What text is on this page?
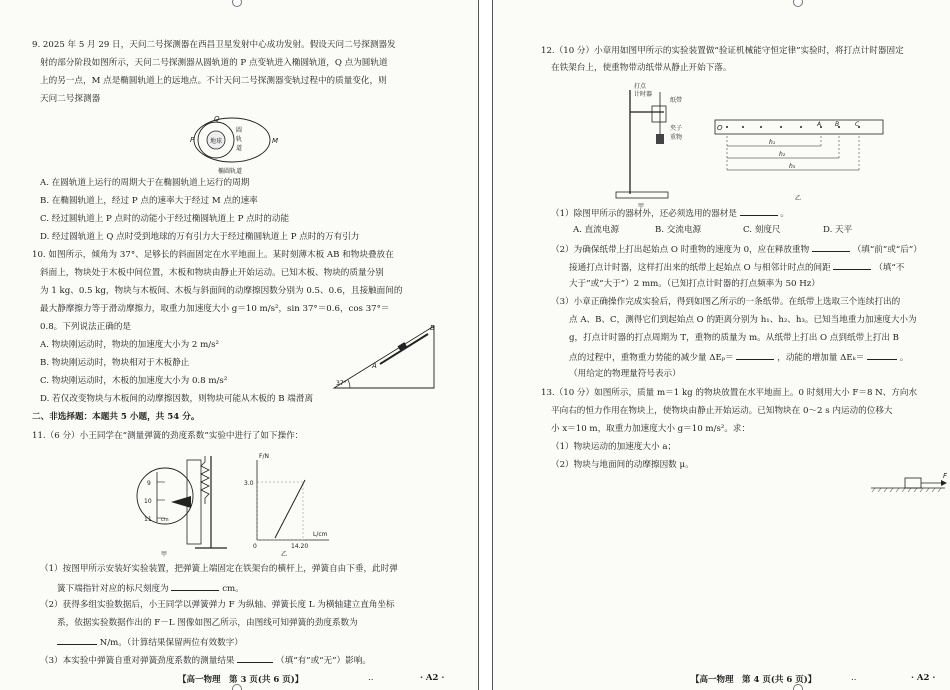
9. 2025 年 5 月 29 日，天问二号探测器在西昌卫星发射中心成功发射。假设天问二号探测器发
射的部分阶段如图所示，天问二号探测器从圆轨道的 P 点变轨进入椭圆轨道，Q 点为圆轨道
上的另一点，M 点是椭圆轨道上的远地点。不计天问二号探测器变轨过程中的质量变化，则
天问二号探测器
地球
圆
轨
道
P
Q
M
椭圆轨道
A. 在圆轨道上运行的周期大于在椭圆轨道上运行的周期
B. 在椭圆轨道上，经过 P 点的速率大于经过 M 点的速率
C. 经过圆轨道上 P 点时的动能小于经过椭圆轨道上 P 点时的动能
D. 经过圆轨道上 Q 点时受到地球的万有引力大于经过椭圆轨道上 P 点时的万有引力
10. 如图所示，倾角为 37°、足够长的斜面固定在水平地面上。某时刻薄木板 AB 和物块叠放在
斜面上，物块处于木板中间位置，木板和物块由静止开始运动。已知木板、物块的质量分别
为 1 kg、0.5 kg，物块与木板间、木板与斜面间的动摩擦因数分别为 0.5、0.6，且接触面间的
最大静摩擦力等于滑动摩擦力，取重力加速度大小 g＝10 m/s²，sin 37°＝0.6，cos 37°＝
0.8。下列说法正确的是
A. 物块刚运动时，物块的加速度大小为 2 m/s²
B. 物块刚运动时，物块相对于木板静止
C. 物块刚运动时，木板的加速度大小为 0.8 m/s²
D. 若仅改变物块与木板间的动摩擦因数，则物块可能从木板的 B 端滑离
37°
A
B
二、非选择题：本题共 5 小题，共 54 分。
11.（6 分）小王同学在“测量弹簧的劲度系数”实验中进行了如下操作：
9
10
11 cm
甲
F/N
L/cm
3.0
14.20
0
乙
（1）按图甲所示安装好实验装置，把弹簧上端固定在铁架台的横杆上，弹簧自由下垂，此时弹
簧下端指针对应的标尺刻度为	cm。
（2）获得多组实验数据后，小王同学以弹簧弹力 F 为纵轴、弹簧长度 L 为横轴建立直角坐标
系，依据实验数据作出的 F－L 图像如图乙所示，由图线可知弹簧的劲度系数为
N/m。（计算结果保留两位有效数字）
（3）本实验中弹簧自重对弹簧劲度系数的测量结果	（填“有”或“无”）影响。
【高一物理　第 3 页(共 6 页)】	· A2 ·
12.（10 分）小章用如图甲所示的实验装置做“验证机械能守恒定律”实验时，将打点计时器固定
在铁架台上，使重物带动纸带从静止开始下落。
打点
计时器
纸带
夹子
重物
甲
O	A B	C
h₁
h₂
h₃
乙
（1）除图甲所示的器材外，还必须选用的器材是	。
A. 直流电源	B. 交流电源	C. 刻度尺	D. 天平
（2）为确保纸带上打出起始点 O 时重物的速度为 0，应在释放重物	（填“前”或“后”）
接通打点计时器，这样打出来的纸带上起始点 O 与相邻计时点的间距	（填“不
大于”或“大于”）2 mm。（已知打点计时器的打点频率为 50 Hz）
（3）小章正确操作完成实验后，得到如图乙所示的一条纸带。在纸带上选取三个连续打出的
点 A、B、C，测得它们到起始点 O 的距离分别为 h₁、h₂、h₃。已知当地重力加速度大小为
g，打点计时器的打点周期为 T，重物的质量为 m。从纸带上打出 O 点到纸带上打出 B
点的过程中，重物重力势能的减少量 ΔEₚ＝	，动能的增加量 ΔEₖ＝	。
（用给定的物理量符号表示）
13.（10 分）如图所示，质量 m＝1 kg 的物块放置在水平地面上。0 时刻用大小 F＝8 N、方向水
平向右的恒力作用在物块上，使物块由静止开始运动。已知物块在 0～2 s 内运动的位移大
小 x＝10 m，取重力加速度大小 g＝10 m/s²。求：
（1）物块运动的加速度大小 a；
（2）物块与地面间的动摩擦因数 μ。
F
【高一物理　第 4 页(共 6 页)】	· A2 ·
..
..
